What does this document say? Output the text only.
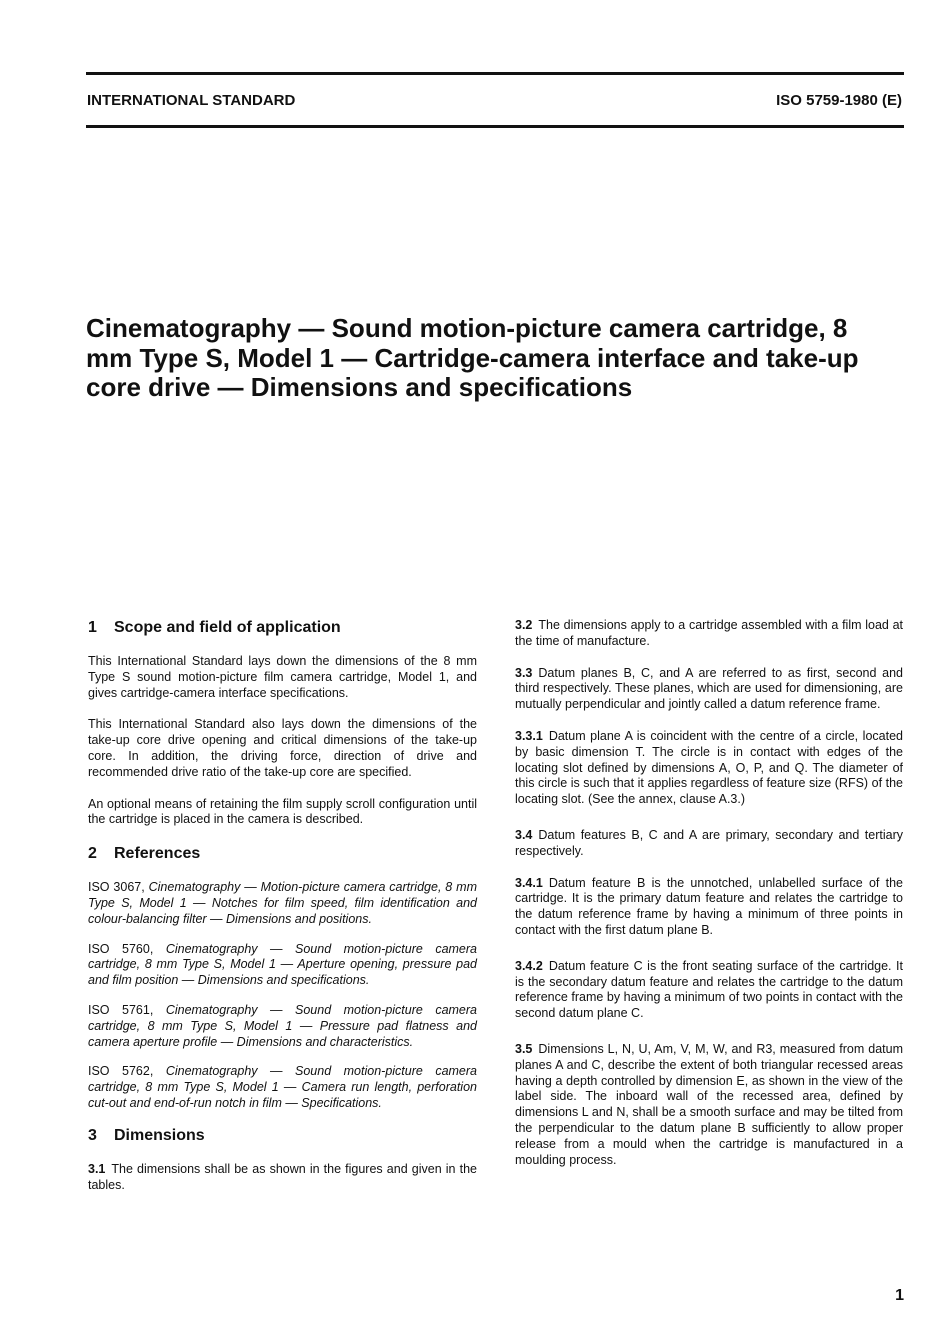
INTERNATIONAL STANDARD	ISO 5759-1980 (E)
Cinematography — Sound motion-picture camera cartridge, 8 mm Type S, Model 1 — Cartridge-camera interface and take-up core drive — Dimensions and specifications
1 Scope and field of application

This International Standard lays down the dimensions of the 8 mm Type S sound motion-picture film camera cartridge, Model 1, and gives cartridge-camera interface specifications.

This International Standard also lays down the dimensions of the take-up core drive opening and critical dimensions of the take-up core. In addition, the driving force, direction of drive and recommended drive ratio of the take-up core are specified.

An optional means of retaining the film supply scroll configuration until the cartridge is placed in the camera is described.

2 References

ISO 3067, Cinematography — Motion-picture camera cartridge, 8 mm Type S, Model 1 — Notches for film speed, film identification and colour-balancing filter — Dimensions and positions.

ISO 5760, Cinematography — Sound motion-picture camera cartridge, 8 mm Type S, Model 1 — Aperture opening, pressure pad and film position — Dimensions and specifications.

ISO 5761, Cinematography — Sound motion-picture camera cartridge, 8 mm Type S, Model 1 — Pressure pad flatness and camera aperture profile — Dimensions and characteristics.

ISO 5762, Cinematography — Sound motion-picture camera cartridge, 8 mm Type S, Model 1 — Camera run length, perforation cut-out and end-of-run notch in film — Specifications.

3 Dimensions

3.1 The dimensions shall be as shown in the figures and given in the tables.

3.2 The dimensions apply to a cartridge assembled with a film load at the time of manufacture.

3.3 Datum planes B, C, and A are referred to as first, second and third respectively. These planes, which are used for dimensioning, are mutually perpendicular and jointly called a datum reference frame.

3.3.1 Datum plane A is coincident with the centre of a circle, located by basic dimension T. The circle is in contact with edges of the locating slot defined by dimensions A, O, P, and Q. The diameter of this circle is such that it applies regardless of feature size (RFS) of the locating slot. (See the annex, clause A.3.)

3.4 Datum features B, C and A are primary, secondary and tertiary respectively.

3.4.1 Datum feature B is the unnotched, unlabelled surface of the cartridge. It is the primary datum feature and relates the cartridge to the datum reference frame by having a minimum of three points in contact with the first datum plane B.

3.4.2 Datum feature C is the front seating surface of the cartridge. It is the secondary datum feature and relates the cartridge to the datum reference frame by having a minimum of two points in contact with the second datum plane C.

3.5 Dimensions L, N, U, Am, V, M, W, and R3, measured from datum planes A and C, describe the extent of both triangular recessed areas having a depth controlled by dimension E, as shown in the view of the label side. The inboard wall of the recessed area, defined by dimensions L and N, shall be a smooth surface and may be tilted from the perpendicular to the datum plane B sufficiently to allow proper release from a mould when the cartridge is manufactured in a moulding process.

1
